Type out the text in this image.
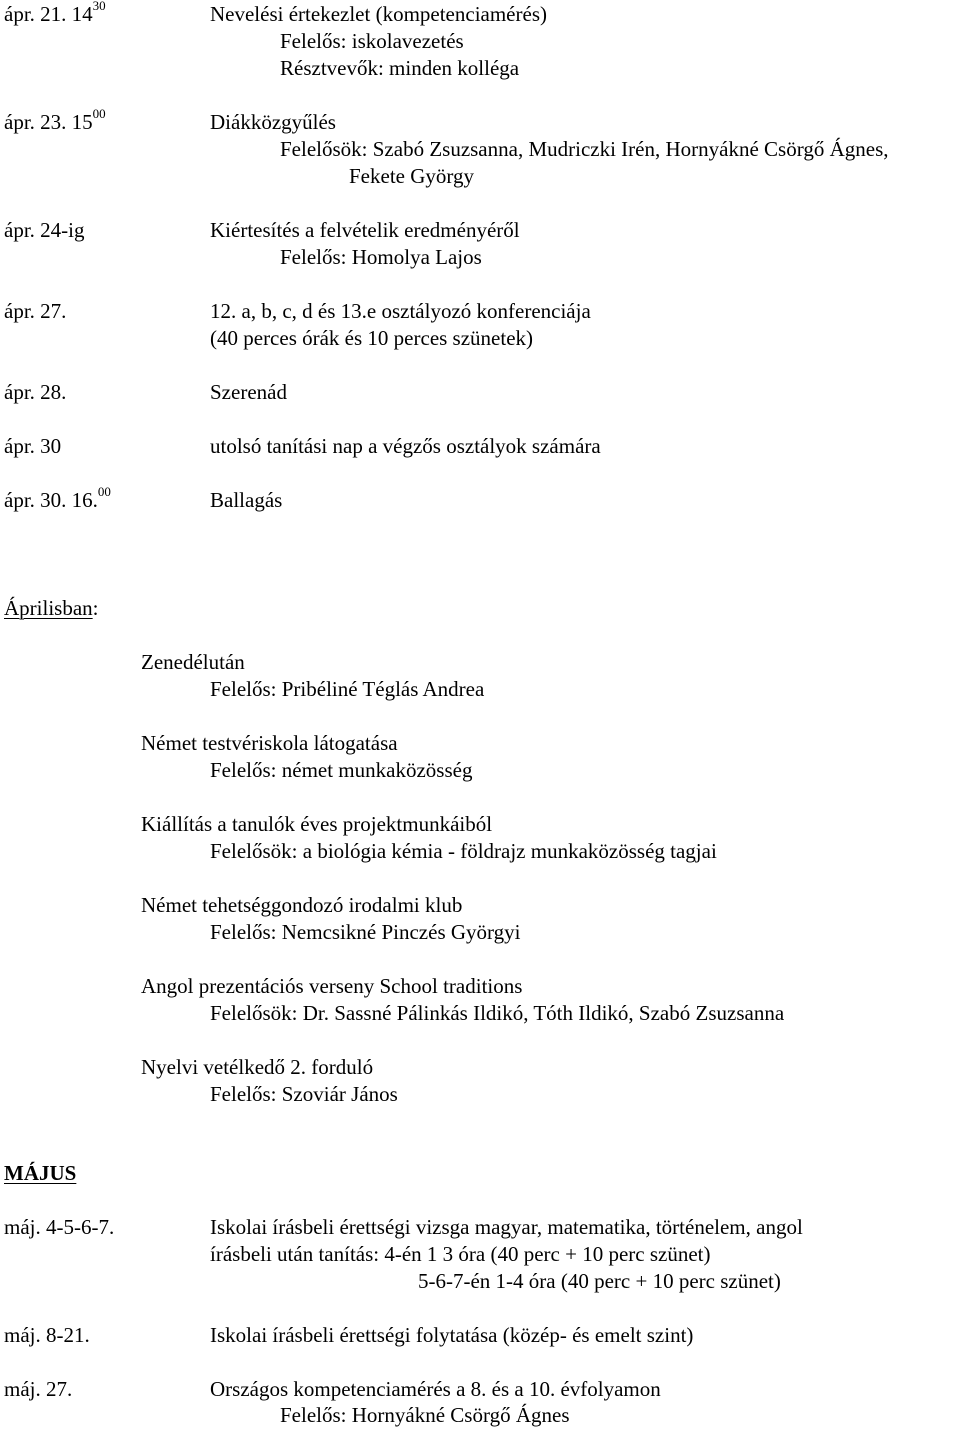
ápr. 21. $14^{30}$	Nevelési értekezlet (kompetenciamérés)
Felelős: iskolavezetés
Résztvevők: minden kolléga
ápr. 23. $15^{00}$	Diákközgyűlés
Felelősök: Szabó Zsuzsanna, Mudriczki Irén, Hornyákné Csörgő Ágnes,
Fekete György
ápr. 24-ig	Kiértesítés a felvételik eredményéről
Felelős: Homolya Lajos
ápr. 27.	12. a, b, c, d és 13.e osztályozó konferenciája
(40 perces órák és 10 perces szünetek)
ápr. 28.	Szerenád
ápr. 30	utolsó tanítási nap a végzős osztályok számára
ápr. 30. 16.00	Ballagás
Áprilisban:
Zenedélután
Felelős: Pribéliné Téglás Andrea
Német testvériskola látogatása
Felelős: német munkaközösség
Kiállítás a tanulók éves projektmunkáiból
Felelősök: a biológia kémia - földrajz munkaközösség tagjai
Német tehetséggondozó irodalmi klub
Felelős: Nemcsikné Pinczés Györgyi
Angol prezentációs verseny School traditions
Felelősök: Dr. Sassné Pálinkás Ildikó, Tóth Ildikó, Szabó Zsuzsanna
Nyelvi vetélkedő 2. forduló
Felelős: Szoviár János
MÁJUS
máj. 4-5-6-7.	Iskolai írásbeli érettségi vizsga magyar, matematika, történelem, angol
írásbeli után tanítás: 4-én 1 3 óra (40 perc + 10 perc szünet)
5-6-7-én 1-4 óra (40 perc + 10 perc szünet)
máj. 8-21.	Iskolai írásbeli érettségi folytatása (közép- és emelt szint)
máj. 27.	Országos kompetenciamérés a 8. és a 10. évfolyamon
Felelős: Hornyákné Csörgő Ágnes
